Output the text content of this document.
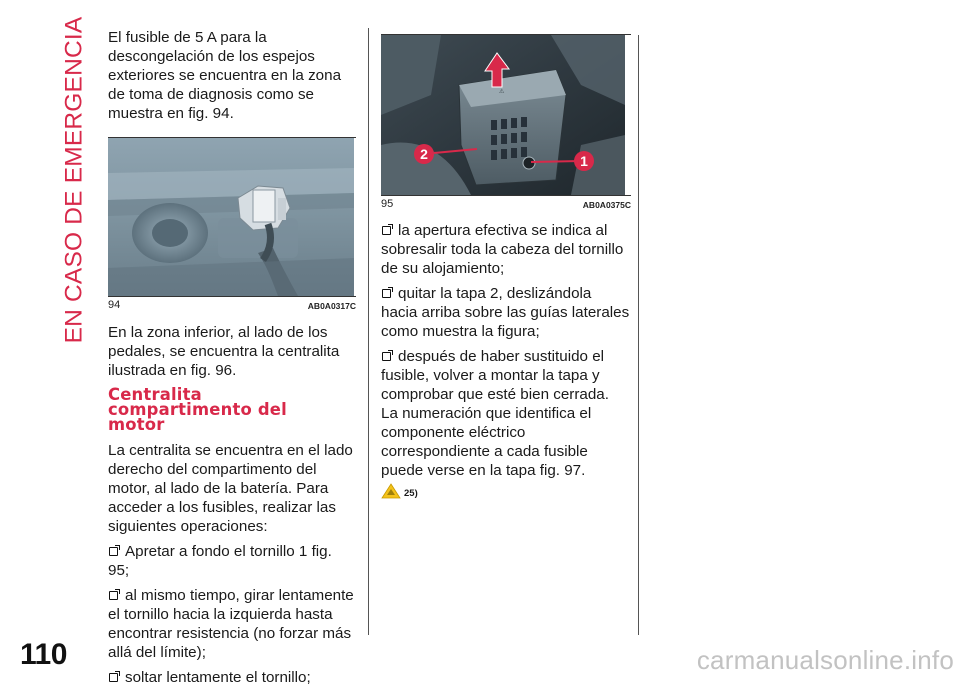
EN CASO DE EMERGENCIA
110

El fusible de 5 A para la descongelación de los espejos exteriores se encuentra en la zona de toma de diagnosis como se muestra en fig. 94.

94	AB0A0317C

En la zona inferior, al lado de los pedales, se encuentra la centralita ilustrada en fig. 96.

Centralita compartimento del motor

La centralita se encuentra en el lado derecho del compartimento del motor, al lado de la batería. Para acceder a los fusibles, realizar las siguientes operaciones:

Apretar a fondo el tornillo 1 fig. 95;

al mismo tiempo, girar lentamente el tornillo hacia la izquierda hasta encontrar resistencia (no forzar más allá del límite);

soltar lentamente el tornillo;

⚠
1
2
95	AB0A0375C

la apertura efectiva se indica al sobresalir toda la cabeza del tornillo de su alojamiento;

quitar la tapa 2, deslizándola hacia arriba sobre las guías laterales como muestra la figura;

después de haber sustituido el fusible, volver a montar la tapa y comprobar que esté bien cerrada.

La numeración que identifica el componente eléctrico correspondiente a cada fusible puede verse en la tapa fig. 97.

25)
carmanualsonline.info
